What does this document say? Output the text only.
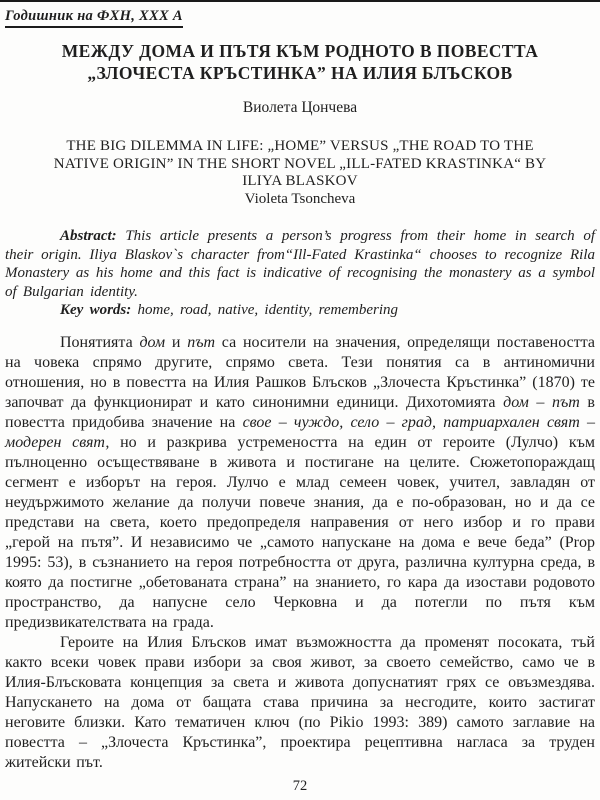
Годишник на ФХН, XXX А
МЕЖДУ ДОМА И ПЪТЯ КЪМ РОДНОТО В ПОВЕСТТА
„ЗЛОЧЕСТА КРЪСТИНКА” НА ИЛИЯ БЛЪСКОВ
Виолета Цончева
THE BIG DILEMMA IN LIFE: „HOME” VERSUS „THE ROAD TO THE
NATIVE ORIGIN” IN THE SHORT NOVEL „ILL-FATED KRASTINKA“ BY
ILIYA BLASKOV
Violeta Tsoncheva

Abstract: This article presents a person’s progress from their home in search of their origin. Iliya Blaskov`s character from“Ill-Fated Krastinka“ chooses to recognize Rila Monastery as his home and this fact is indicative of recognising the monastery as a symbol of Bulgarian identity.

Key words: home, road, native, identity, remembering

Понятията дом и път са носители на значения, определящи поставеността на човека спрямо другите, спрямо света. Тези понятия са в антиномични отношения, но в повестта на Илия Рашков Блъсков „Злочеста Кръстинка” (1870) те започват да функционират и като синонимни единици. Дихотомията дом – път в повестта придобива значение на свое – чуждо, село – град, патриархален свят – модерен свят, но и разкрива устремеността на един от героите (Лулчо) към пълноценно осъществяване в живота и постигане на целите. Сюжетопораждащ сегмент е изборът на героя. Лулчо е млад семеен човек, учител, завладян от неудържимото желание да получи повече знания, да е по-образован, но и да се представи на света, което предопределя направения от него избор и го прави „герой на пътя”. И независимо че „самото напускане на дома е вече беда” (Prop 1995: 53), в съзнанието на героя потребността от друга, различна културна среда, в която да постигне „обетованата страна” на знанието, го кара да изостави родовото пространство, да напусне село Черковна и да потегли по пътя към предизвикателствата на града.

Героите на Илия Блъсков имат възможността да променят посоката, тъй както всеки човек прави избори за своя живот, за своето семейство, само че в Илия-Блъсковата концепция за света и живота допуснатият грях се овъзмездява. Напускането на дома от бащата става причина за несгодите, които застигат неговите близки. Като тематичен ключ (по Pikio 1993: 389) самото заглавие на повестта – „Злочеста Кръстинка”, проектира рецептивна нагласа за труден житейски път.

72
